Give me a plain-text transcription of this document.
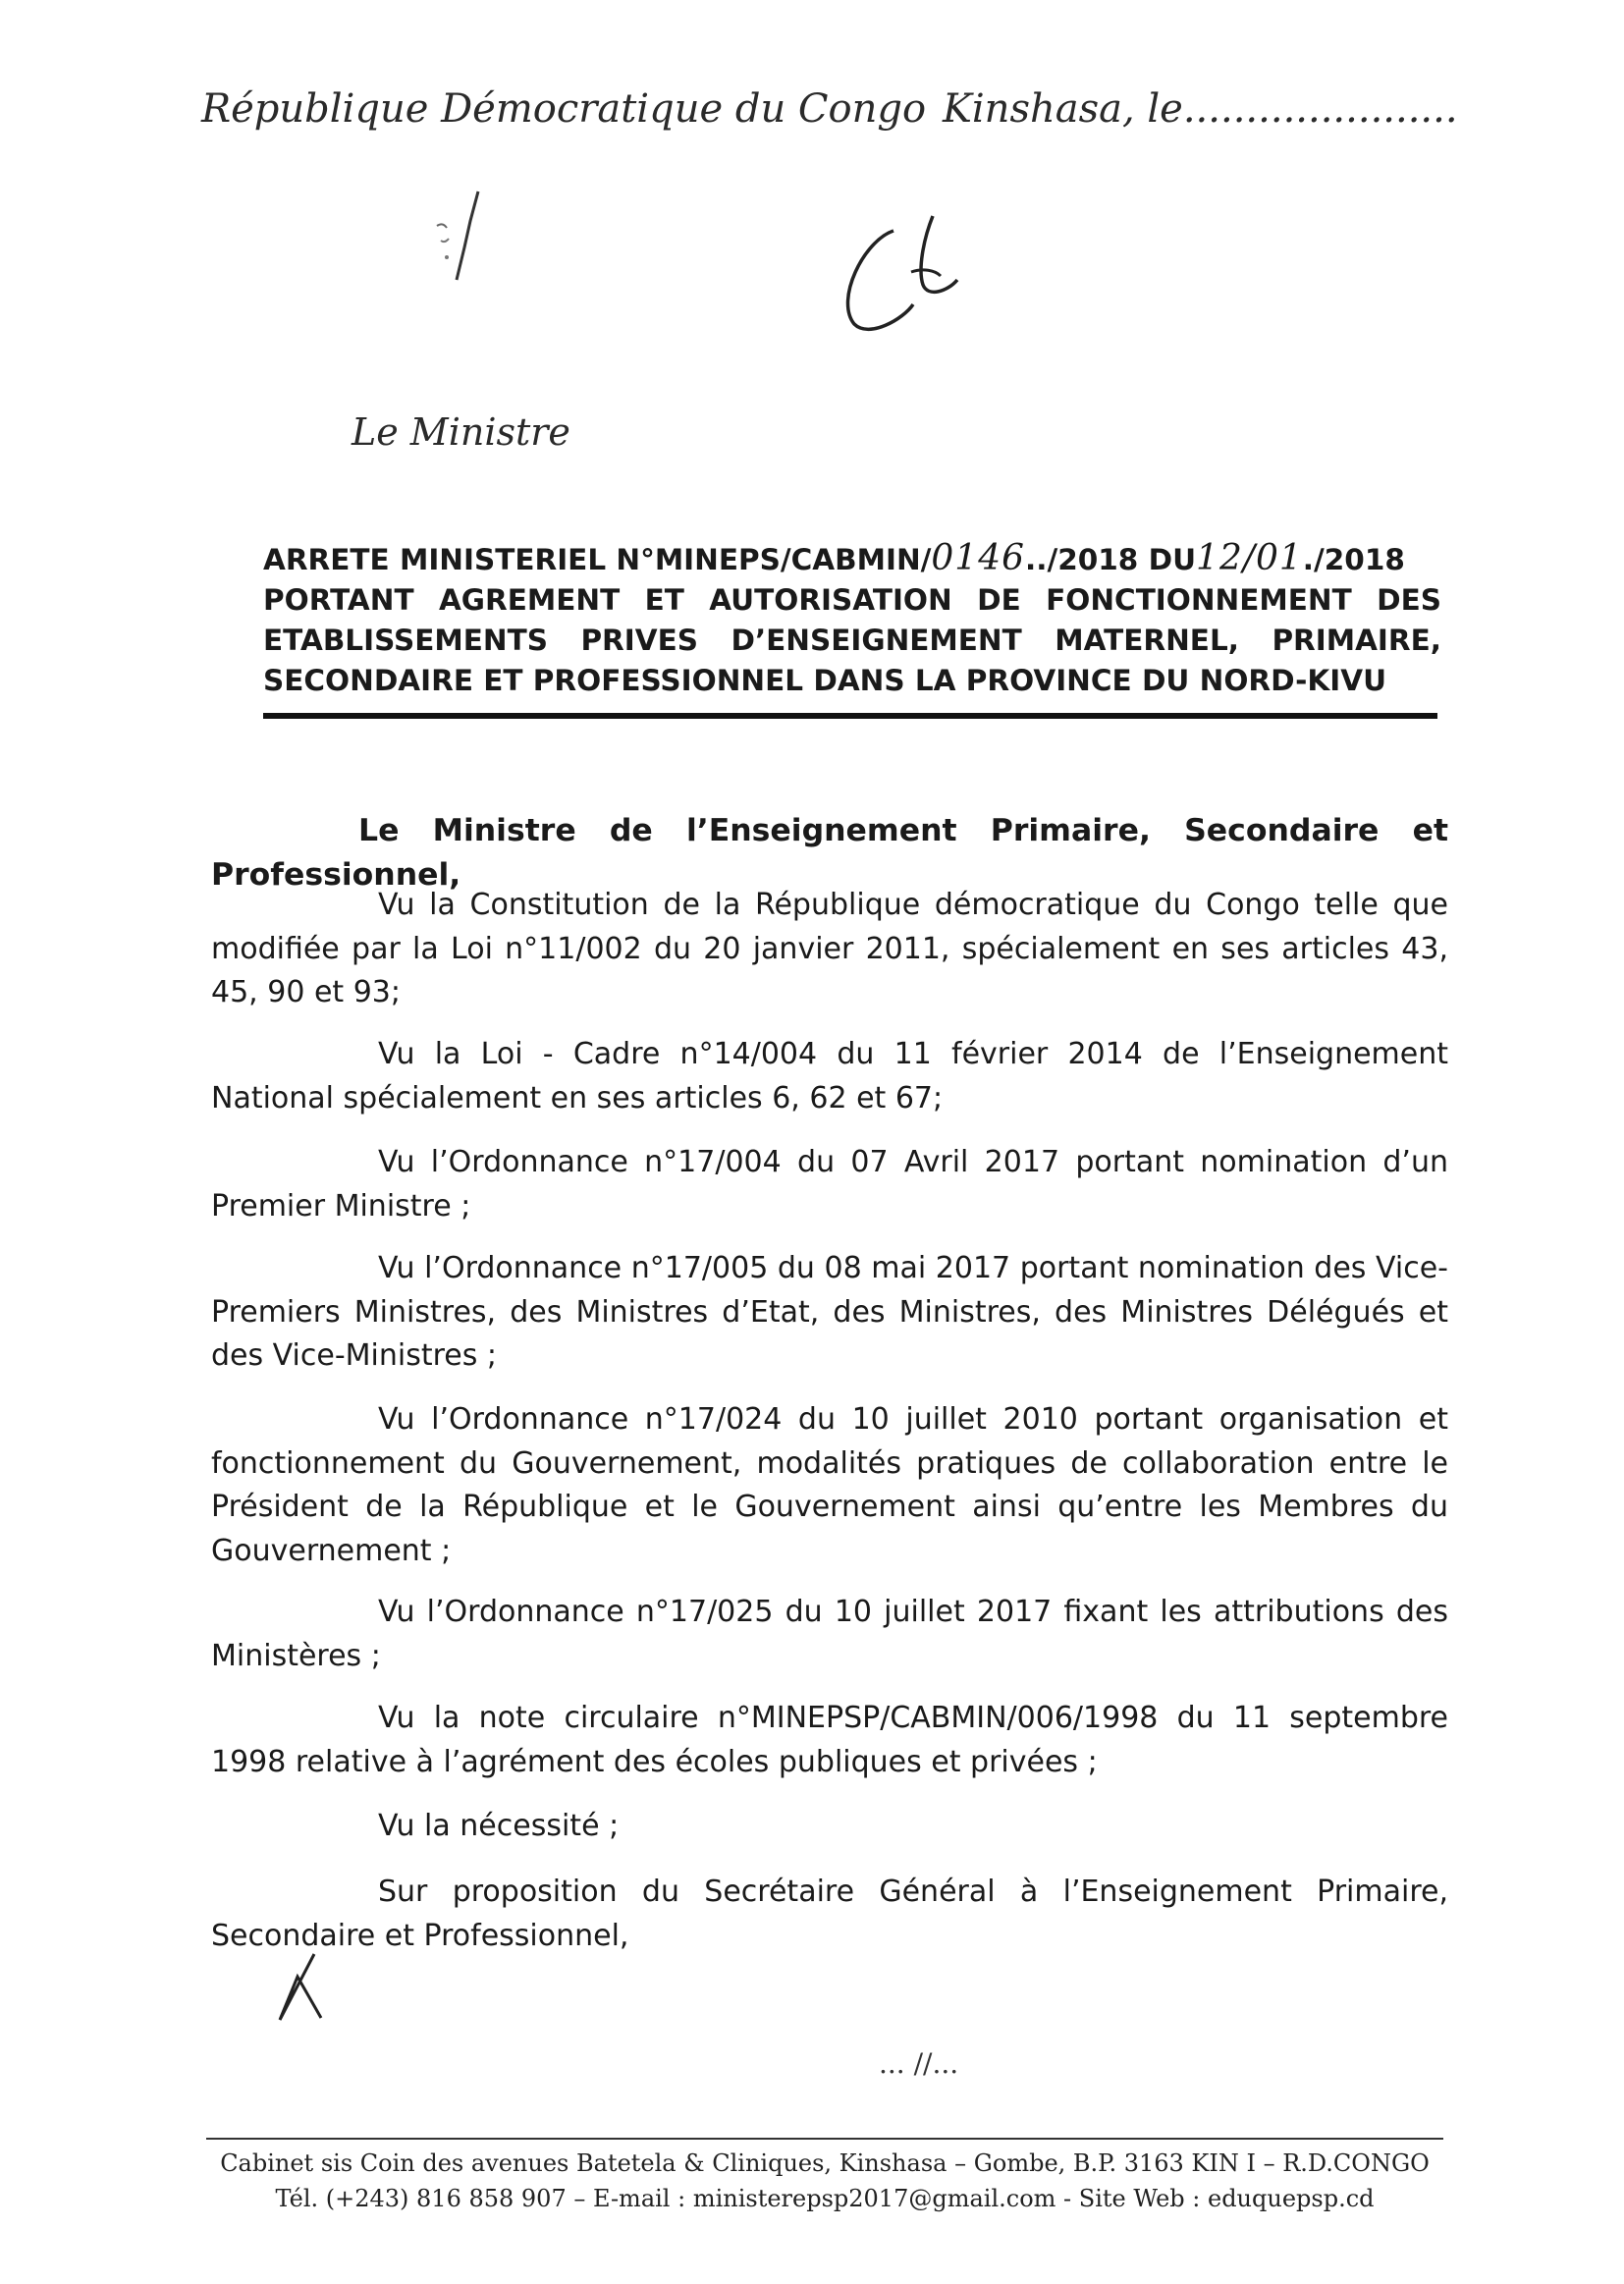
République Démocratique du Congo Kinshasa, le......................
Le Ministre
ARRETE MINISTERIEL N°MINEPS/CABMIN/0146../2018 DU12/01./2018
PORTANT AGREMENT ET AUTORISATION DE FONCTIONNEMENT DES
ETABLISSEMENTS PRIVES D’ENSEIGNEMENT MATERNEL, PRIMAIRE,
SECONDAIRE ET PROFESSIONNEL DANS LA PROVINCE DU NORD-KIVU

Le Ministre de l’Enseignement Primaire, Secondaire et Professionnel,

Vu la Constitution de la République démocratique du Congo telle que modifiée par la Loi n°11/002 du 20 janvier 2011, spécialement en ses articles 43, 45, 90 et 93;

Vu la Loi - Cadre n°14/004 du 11 février 2014 de l’Enseignement National spécialement en ses articles 6, 62 et 67;

Vu l’Ordonnance n°17/004 du 07 Avril 2017 portant nomination d’un Premier Ministre ;

Vu l’Ordonnance n°17/005 du 08 mai 2017 portant nomination des Vice-Premiers Ministres, des Ministres d’Etat, des Ministres, des Ministres Délégués et des Vice-Ministres ;

Vu l’Ordonnance n°17/024 du 10 juillet 2010 portant organisation et fonctionnement du Gouvernement, modalités pratiques de collaboration entre le Président de la République et le Gouvernement ainsi qu’entre les Membres du Gouvernement ;

Vu l’Ordonnance n°17/025 du 10 juillet 2017 fixant les attributions des Ministères ;

Vu la note circulaire n°MINEPSP/CABMIN/006/1998 du 11 septembre 1998 relative à l’agrément des écoles publiques et privées ;

Vu la nécessité ;

Sur proposition du Secrétaire Général à l’Enseignement Primaire, Secondaire et Professionnel,

... //...
Cabinet sis Coin des avenues Batetela & Cliniques, Kinshasa – Gombe, B.P. 3163 KIN I – R.D.CONGO
Tél. (+243) 816 858 907 – E-mail : ministerepsp2017@gmail.com - Site Web : eduquepsp.cd
